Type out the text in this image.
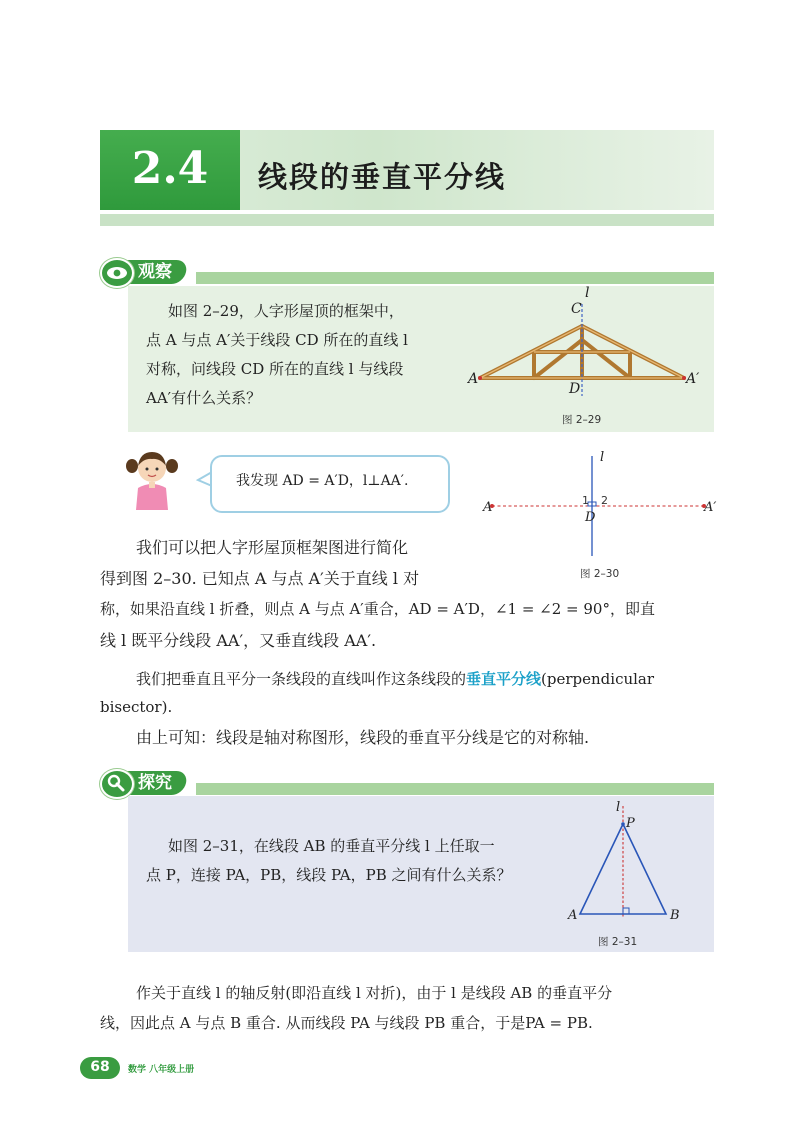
2.4	线段的垂直平分线
观察
如图 2–29，人字形屋顶的框架中，
点 A 与点 A′关于线段 CD 所在的直线 l
对称，问线段 CD 所在的直线 l 与线段
AA′有什么关系？
C
l
D
A	A′
图 2–29
我发现 AD = A′D，l⊥AA′.
l
1 2
D
A	A′
图 2–30
我们可以把人字形屋顶框架图进行简化
得到图 2–30. 已知点 A 与点 A′关于直线 l 对
称，如果沿直线 l 折叠，则点 A 与点 A′重合，AD = A′D，∠1 = ∠2 = 90°，即直
线 l 既平分线段 AA′，又垂直线段 AA′.
我们把垂直且平分一条线段的直线叫作这条线段的垂直平分线(perpendicular
bisector).
由上可知：线段是轴对称图形，线段的垂直平分线是它的对称轴.
探究
如图 2–31，在线段 AB 的垂直平分线 l 上任取一
点 P，连接 PA，PB，线段 PA，PB 之间有什么关系？
l
P
A	B
图 2–31
作关于直线 l 的轴反射(即沿直线 l 对折)，由于 l 是线段 AB 的垂直平分
线，因此点 A 与点 B 重合. 从而线段 PA 与线段 PB 重合，于是PA = PB.
68	数学 八年级上册
